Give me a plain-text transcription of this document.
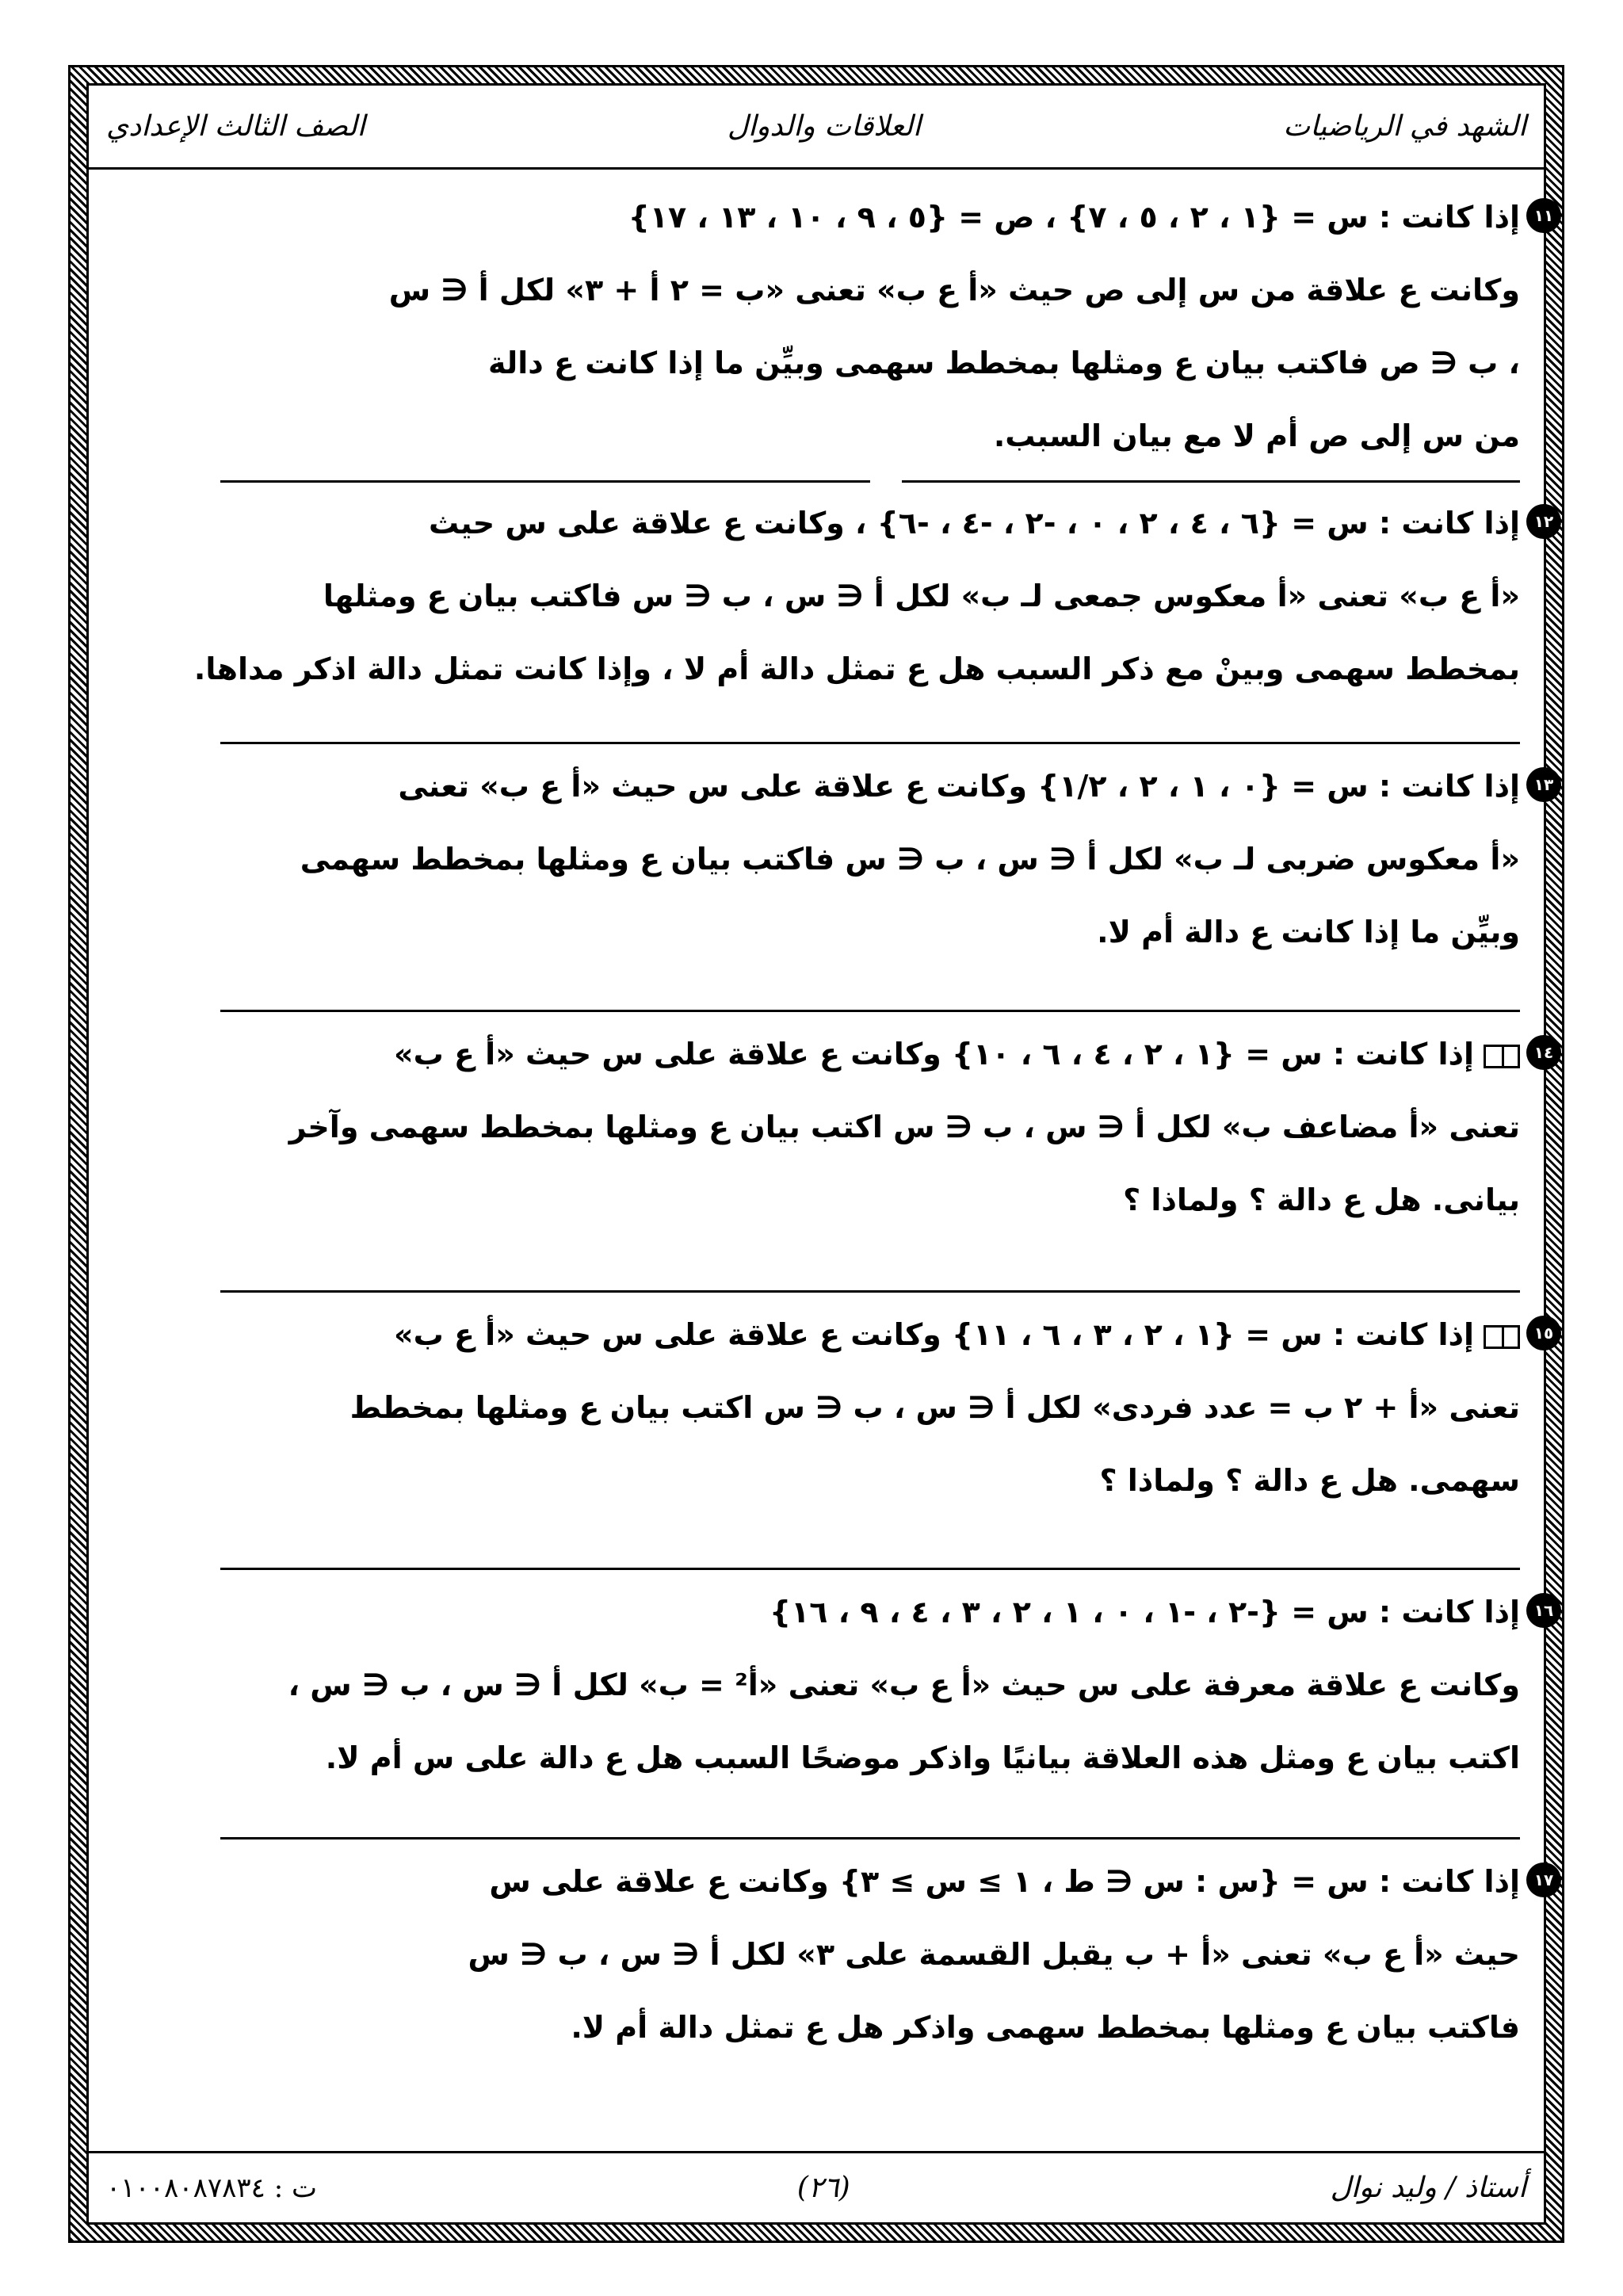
الشهد في الرياضيات
العلاقات والدوال
الصف الثالث الإعدادي
١١
إذا كانت : س = {١ ، ٢ ، ٥ ، ٧} ، ص = {٥ ، ٩ ، ١٠ ، ١٣ ، ١٧}
وكانت ع علاقة من س إلى ص حيث «أ ع ب» تعنى «ب = ٢ أ + ٣» لكل أ ∈ س
، ب ∈ ص فاكتب بيان ع ومثلها بمخطط سهمى وبيِّن ما إذا كانت ع دالة
من س إلى ص أم لا مع بيان السبب.
١٢
إذا كانت : س = {٦ ، ٤ ، ٢ ، ٠ ، -٢ ، -٤ ، -٦} ، وكانت ع علاقة على س حيث
«أ ع ب» تعنى «أ معكوس جمعى لـ ب» لكل أ ∈ س ، ب ∈ س فاكتب بيان ع ومثلها
بمخطط سهمى وبينْ مع ذكر السبب هل ع تمثل دالة أم لا ، وإذا كانت تمثل دالة اذكر مداها.
١٣
إذا كانت : س = {٠ ، ١ ، ٢ ، ١/٢} وكانت ع علاقة على س حيث «أ ع ب» تعنى
«أ معكوس ضربى لـ ب» لكل أ ∈ س ، ب ∈ س فاكتب بيان ع ومثلها بمخطط سهمى
وبيِّن ما إذا كانت ع دالة أم لا.
١٤
إذا كانت : س = {١ ، ٢ ، ٤ ، ٦ ، ١٠} وكانت ع علاقة على س حيث «أ ع ب»
تعنى «أ مضاعف ب» لكل أ ∈ س ، ب ∈ س اكتب بيان ع ومثلها بمخطط سهمى وآخر
بيانى. هل ع دالة ؟ ولماذا ؟
١٥
إذا كانت : س = {١ ، ٢ ، ٣ ، ٦ ، ١١} وكانت ع علاقة على س حيث «أ ع ب»
تعنى «أ + ٢ ب = عدد فردى» لكل أ ∈ س ، ب ∈ س اكتب بيان ع ومثلها بمخطط
سهمى. هل ع دالة ؟ ولماذا ؟
١٦
إذا كانت : س = {-٢ ، -١ ، ٠ ، ١ ، ٢ ، ٣ ، ٤ ، ٩ ، ١٦}
وكانت ع علاقة معرفة على س حيث «أ ع ب» تعنى «أ² = ب» لكل أ ∈ س ، ب ∈ س ،
اكتب بيان ع ومثل هذه العلاقة بيانيًا واذكر موضحًا السبب هل ع دالة على س أم لا.
١٧
إذا كانت : س = {س : س ∈ ط ، ١ ≥ س ≥ ٣} وكانت ع علاقة على س
حيث «أ ع ب» تعنى «أ + ب يقبل القسمة على ٣» لكل أ ∈ س ، ب ∈ س
فاكتب بيان ع ومثلها بمخطط سهمى واذكر هل ع تمثل دالة أم لا.
أستاذ / وليد نوال
(٢٦)
ت : ٠١٠٠٨٠٨٧٨٣٤
